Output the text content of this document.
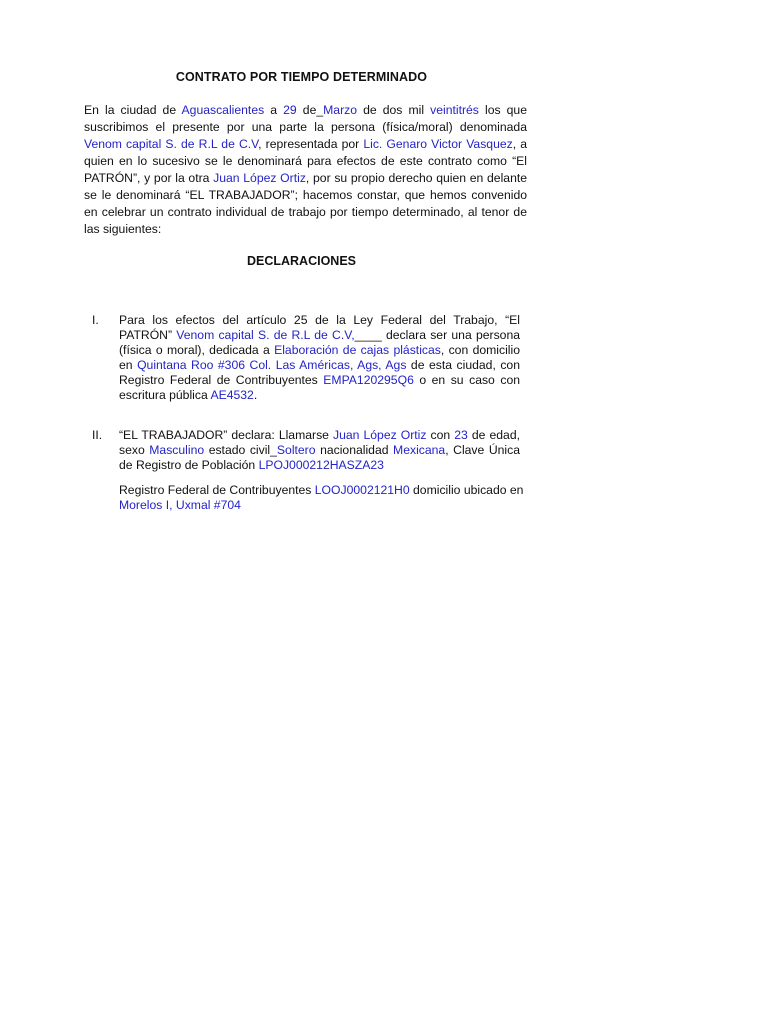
CONTRATO POR TIEMPO DETERMINADO
En la ciudad de Aguascalientes a 29 de_Marzo de dos mil veintitrés los que suscribimos el presente por una parte la persona (física/moral) denominada Venom capital S. de R.L de C.V, representada por Lic. Genaro Victor Vasquez, a quien en lo sucesivo se le denominará para efectos de este contrato como “El PATRÓN”, y por la otra Juan López Ortiz, por su propio derecho quien en delante se le denominará “EL TRABAJADOR”; hacemos constar, que hemos convenido en celebrar un contrato individual de trabajo por tiempo determinado, al tenor de las siguientes:
DECLARACIONES
I. Para los efectos del artículo 25 de la Ley Federal del Trabajo, “El PATRÓN” Venom capital S. de R.L de C.V,____ declara ser una persona (física o moral), dedicada a Elaboración de cajas plásticas, con domicilio en Quintana Roo #306 Col. Las Américas, Ags, Ags de esta ciudad, con Registro Federal de Contribuyentes EMPA120295Q6 o en su caso con escritura pública AE4532.
II. “EL TRABAJADOR” declara: Llamarse Juan López Ortiz con 23 de edad, sexo Masculino estado civil_Soltero nacionalidad Mexicana, Clave Única de Registro de Población LPOJ000212HASZA23
Registro Federal de Contribuyentes LOOJ0002121H0 domicilio ubicado en Morelos I, Uxmal #704
